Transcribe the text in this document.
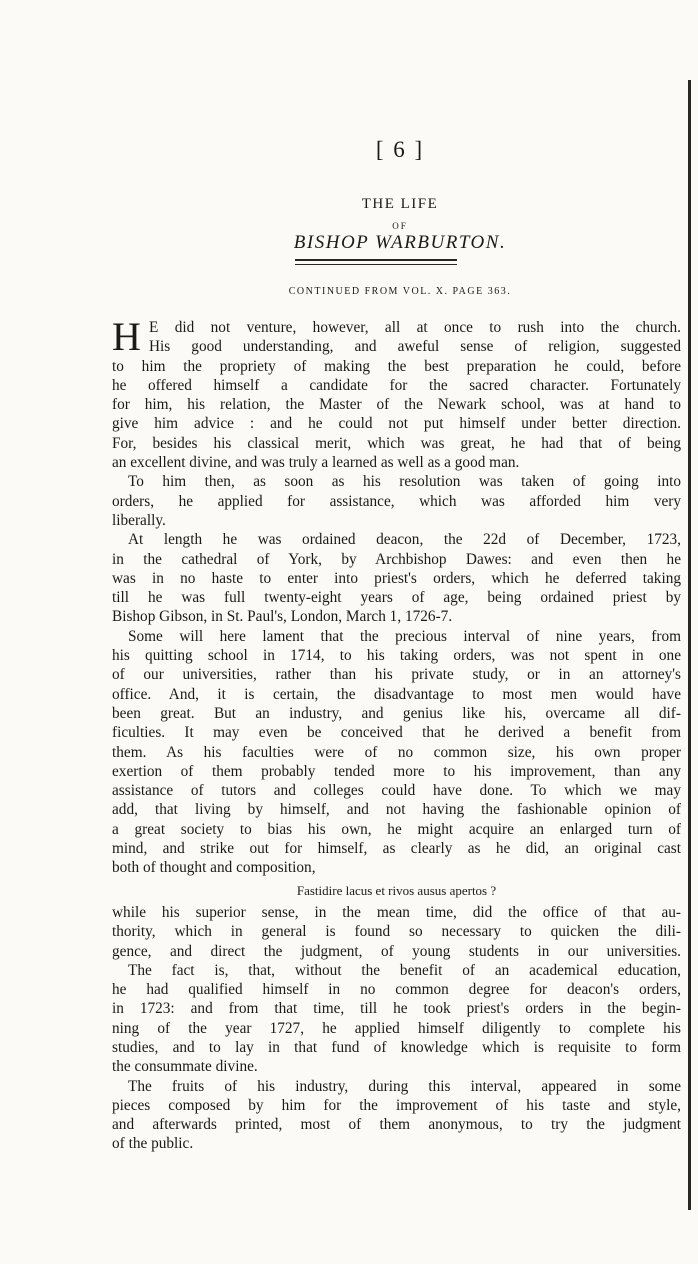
[ 6 ]
THE LIFE
OF
BISHOP WARBURTON.
CONTINUED FROM VOL. X. PAGE 363.
H E did not venture, however, all at once to rush into the church.
His good understanding, and aweful sense of religion, suggested
to him the propriety of making the best preparation he could, before
he offered himself a candidate for the sacred character. Fortunately
for him, his relation, the Master of the Newark school, was at hand to
give him advice : and he could not put himself under better direction.
For, besides his classical merit, which was great, he had that of being
an excellent divine, and was truly a learned as well as a good man.
To him then, as soon as his resolution was taken of going into
orders, he applied for assistance, which was afforded him very
liberally.
At length he was ordained deacon, the 22d of December, 1723,
in the cathedral of York, by Archbishop Dawes: and even then he
was in no haste to enter into priest's orders, which he deferred taking
till he was full twenty-eight years of age, being ordained priest by
Bishop Gibson, in St. Paul's, London, March 1, 1726-7.
Some will here lament that the precious interval of nine years, from
his quitting school in 1714, to his taking orders, was not spent in one
of our universities, rather than his private study, or in an attorney's
office. And, it is certain, the disadvantage to most men would have
been great. But an industry, and genius like his, overcame all dif-
ficulties. It may even be conceived that he derived a benefit from
them. As his faculties were of no common size, his own proper
exertion of them probably tended more to his improvement, than any
assistance of tutors and colleges could have done. To which we may
add, that living by himself, and not having the fashionable opinion of
a great society to bias his own, he might acquire an enlarged turn of
mind, and strike out for himself, as clearly as he did, an original cast
both of thought and composition,
Fastidire lacus et rivos ausus apertos ?
while his superior sense, in the mean time, did the office of that au-
thority, which in general is found so necessary to quicken the dili-
gence, and direct the judgment, of young students in our universities.
The fact is, that, without the benefit of an academical education,
he had qualified himself in no common degree for deacon's orders,
in 1723: and from that time, till he took priest's orders in the begin-
ning of the year 1727, he applied himself diligently to complete his
studies, and to lay in that fund of knowledge which is requisite to form
the consummate divine.
The fruits of his industry, during this interval, appeared in some
pieces composed by him for the improvement of his taste and style,
and afterwards printed, most of them anonymous, to try the judgment
of the public.
